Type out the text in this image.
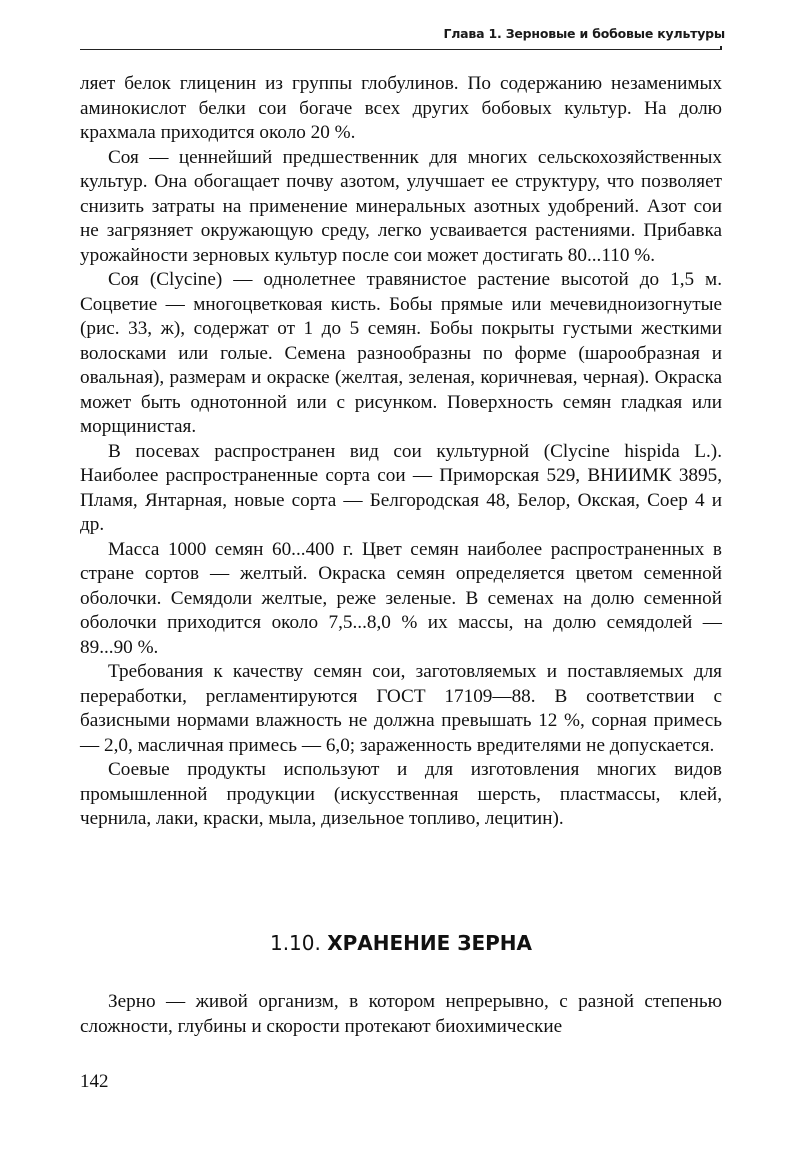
Глава 1. Зерновые и бобовые культуры

ляет белок глиценин из группы глобулинов. По содержанию незаменимых аминокислот белки сои богаче всех других бобовых культур. На долю крахмала приходится около 20 %.

Соя — ценнейший предшественник для многих сельскохозяйственных культур. Она обогащает почву азотом, улучшает ее структуру, что позволяет снизить затраты на применение минеральных азотных удобрений. Азот сои не загрязняет окружающую среду, легко усваивается растениями. Прибавка урожайности зерновых культур после сои может достигать 80...110 %.

Соя (Clycine) — однолетнее травянистое растение высотой до 1,5 м. Соцветие — многоцветковая кисть. Бобы прямые или мечевидноизогнутые (рис. 33, ж), содержат от 1 до 5 семян. Бобы покрыты густыми жесткими волосками или голые. Семена разнообразны по форме (шарообразная и овальная), размерам и окраске (желтая, зеленая, коричневая, черная). Окраска может быть однотонной или с рисунком. Поверхность семян гладкая или морщинистая.

В посевах распространен вид сои культурной (Clycine hispida L.). Наиболее распространенные сорта сои — Приморская 529, ВНИИМК 3895, Пламя, Янтарная, новые сорта — Белгородская 48, Белор, Окская, Соер 4 и др.

Масса 1000 семян 60...400 г. Цвет семян наиболее распространенных в стране сортов — желтый. Окраска семян определяется цветом семенной оболочки. Семядоли желтые, реже зеленые. В семенах на долю семенной оболочки приходится около 7,5...8,0 % их массы, на долю семядолей — 89...90 %.

Требования к качеству семян сои, заготовляемых и поставляемых для переработки, регламентируются ГОСТ 17109—88. В соответствии с базисными нормами влажность не должна превышать 12 %, сорная примесь — 2,0, масличная примесь — 6,0; зараженность вредителями не допускается.

Соевые продукты используют и для изготовления многих видов промышленной продукции (искусственная шерсть, пластмассы, клей, чернила, лаки, краски, мыла, дизельное топливо, лецитин).

1.10. ХРАНЕНИЕ ЗЕРНА

Зерно — живой организм, в котором непрерывно, с разной степенью сложности, глубины и скорости протекают биохимические

142
